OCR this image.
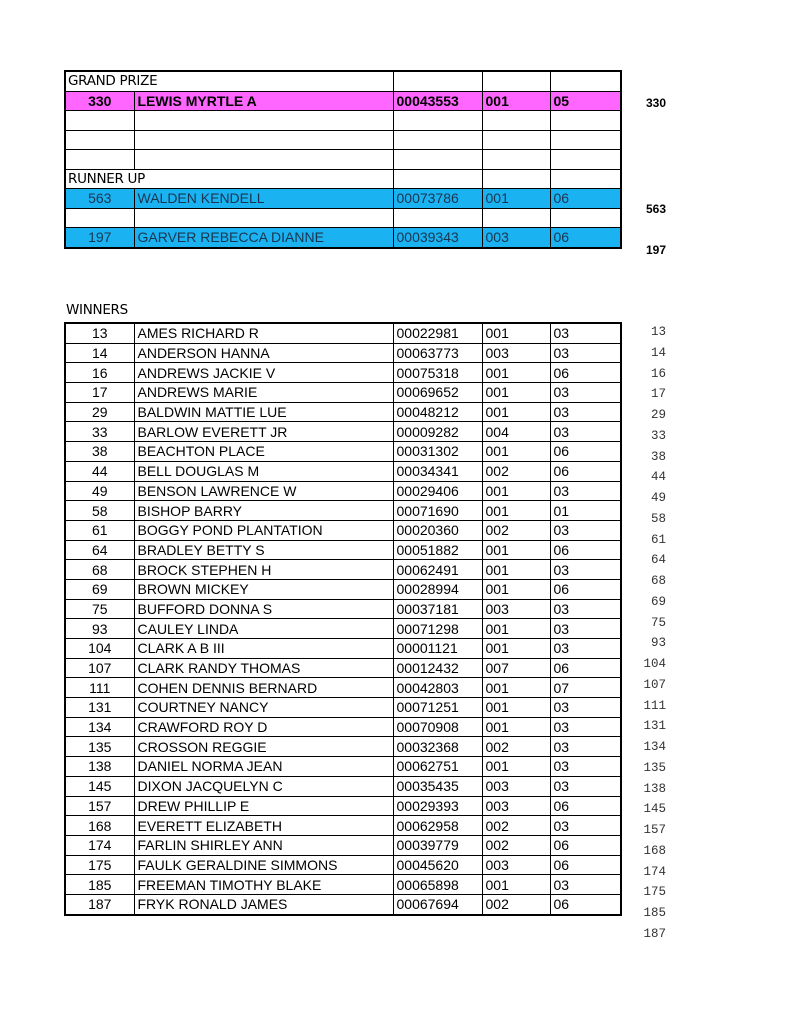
GRAND PRIZE				
330	LEWIS MYRTLE A	00043553	001	05

RUNNER UP				
563	WALDEN KENDELL	00073786	001	06

197	GARVER REBECCA DIANNE	00039343	003	06
330
563
197
WINNERS
13	AMES RICHARD R	00022981	001	03
14	ANDERSON HANNA	00063773	003	03
16	ANDREWS JACKIE V	00075318	001	06
17	ANDREWS MARIE	00069652	001	03
29	BALDWIN MATTIE LUE	00048212	001	03
33	BARLOW EVERETT JR	00009282	004	03
38	BEACHTON PLACE	00031302	001	06
44	BELL DOUGLAS M	00034341	002	06
49	BENSON LAWRENCE W	00029406	001	03
58	BISHOP BARRY	00071690	001	01
61	BOGGY POND PLANTATION	00020360	002	03
64	BRADLEY BETTY S	00051882	001	06
68	BROCK STEPHEN H	00062491	001	03
69	BROWN MICKEY	00028994	001	06
75	BUFFORD DONNA S	00037181	003	03
93	CAULEY LINDA	00071298	001	03
104	CLARK A B III	00001121	001	03
107	CLARK RANDY THOMAS	00012432	007	06
111	COHEN DENNIS BERNARD	00042803	001	07
131	COURTNEY NANCY	00071251	001	03
134	CRAWFORD ROY D	00070908	001	03
135	CROSSON REGGIE	00032368	002	03
138	DANIEL NORMA JEAN	00062751	001	03
145	DIXON JACQUELYN C	00035435	003	03
157	DREW PHILLIP E	00029393	003	06
168	EVERETT ELIZABETH	00062958	002	03
174	FARLIN SHIRLEY ANN	00039779	002	06
175	FAULK GERALDINE SIMMONS	00045620	003	06
185	FREEMAN TIMOTHY BLAKE	00065898	001	03
187	FRYK RONALD JAMES	00067694	002	06
13
14
16
17
29
33
38
44
49
58
61
64
68
69
75
93
104
107
111
131
134
135
138
145
157
168
174
175
185
187
